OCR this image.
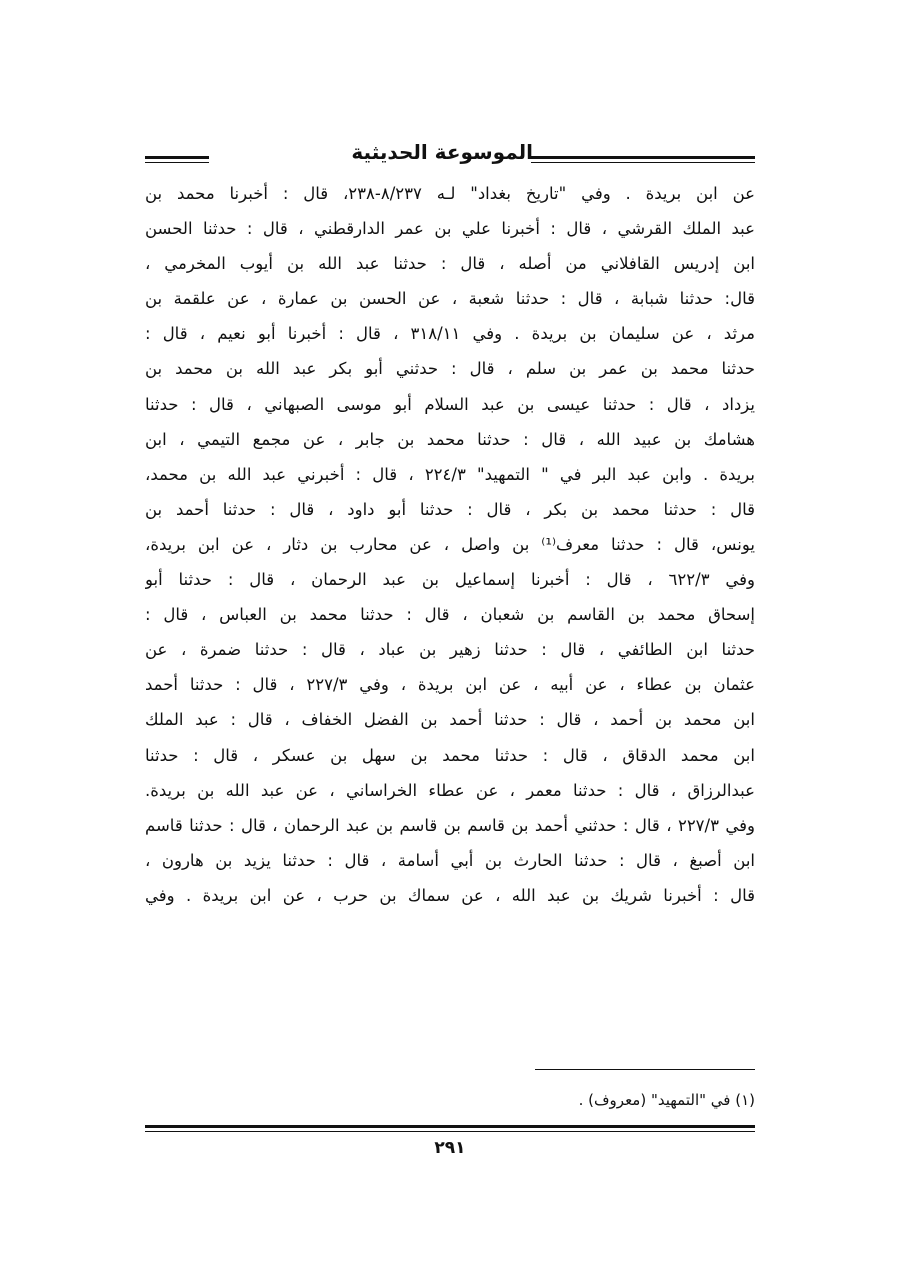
الموسوعة الحديثية
عن ابن بريدة . وفي "تاريخ بغداد" لـه ٨/٢٣٧-٢٣٨، قال : أخبرنا محمد بن
عبد الملك القرشي ، قال : أخبرنا علي بن عمر الدارقطني ، قال : حدثنا الحسن
ابن إدريس القافلاني من أصله ، قال : حدثنا عبد الله بن أيوب المخرمي ،
قال: حدثنا شبابة ، قال : حدثنا شعبة ، عن الحسن بن عمارة ، عن علقمة بن
مرثد ، عن سليمان بن بريدة . وفي ٣١٨/١١ ، قال : أخبرنا أبو نعيم ، قال :
حدثنا محمد بن عمر بن سلم ، قال : حدثني أبو بكر عبد الله بن محمد بن
يزداد ، قال : حدثنا عيسى بن عبد السلام أبو موسى الصبهاني ، قال : حدثنا
هشامك بن عبيد الله ، قال : حدثنا محمد بن جابر ، عن مجمع التيمي ، ابن
بريدة . وابن عبد البر في " التمهيد" ٢٢٤/٣ ، قال : أخبرني عبد الله بن محمد،
قال : حدثنا محمد بن بكر ، قال : حدثنا أبو داود ، قال : حدثنا أحمد بن
يونس، قال : حدثنا معرف⁽¹⁾ بن واصل ، عن محارب بن دثار ، عن ابن بريدة،
وفي ٦٢٢/٣ ، قال : أخبرنا إسماعيل بن عبد الرحمان ، قال : حدثنا أبو
إسحاق محمد بن القاسم بن شعبان ، قال : حدثنا محمد بن العباس ، قال :
حدثنا ابن الطائفي ، قال : حدثنا زهير بن عباد ، قال : حدثنا ضمرة ، عن
عثمان بن عطاء ، عن أبيه ، عن ابن بريدة ، وفي ٢٢٧/٣ ، قال : حدثنا أحمد
ابن محمد بن أحمد ، قال : حدثنا أحمد بن الفضل الخفاف ، قال : عبد الملك
ابن محمد الدقاق ، قال : حدثنا محمد بن سهل بن عسكر ، قال : حدثنا
عبدالرزاق ، قال : حدثنا معمر ، عن عطاء الخراساني ، عن عبد الله بن بريدة.
وفي ٢٢٧/٣ ، قال : حدثني أحمد بن قاسم بن قاسم بن عبد الرحمان ، قال : حدثنا قاسم
ابن أصبغ ، قال : حدثنا الحارث بن أبي أسامة ، قال : حدثنا يزيد بن هارون ،
قال : أخبرنا شريك بن عبد الله ، عن سماك بن حرب ، عن ابن بريدة . وفي
(١) في "التمهيد" (معروف) .
٢٩١
